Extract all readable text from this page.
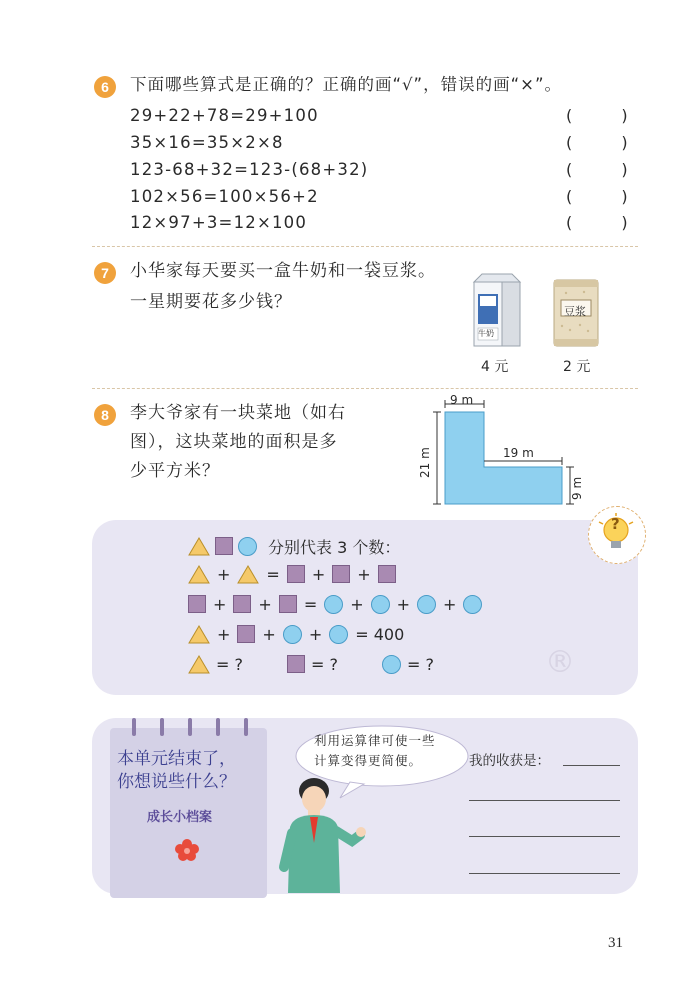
6	下面哪些算式是正确的？正确的画“√”，错误的画“×”。
29+22+78=29+100	( )
35×16=35×2×8	( )
123-68+32=123-(68+32)	( )
102×56=100×56+2	( )
12×97+3=12×100	( )
7	小华家每天要买一盒牛奶和一袋豆浆。
一星期要花多少钱？
牛奶
4 元
豆浆
2 元
8	李大爷家有一块菜地（如右
图），这块菜地的面积是多
少平方米？
9 m
21 m	19 m
9 m
?
分别代表 3 个数：
+ = + +
+ + = + + +
+ + + = 400
= ?	= ?	= ?	®
本单元结束了，
你想说些什么？
成长小档案
利用运算律可使一些
计算变得更简便。	我的收获是：
31
